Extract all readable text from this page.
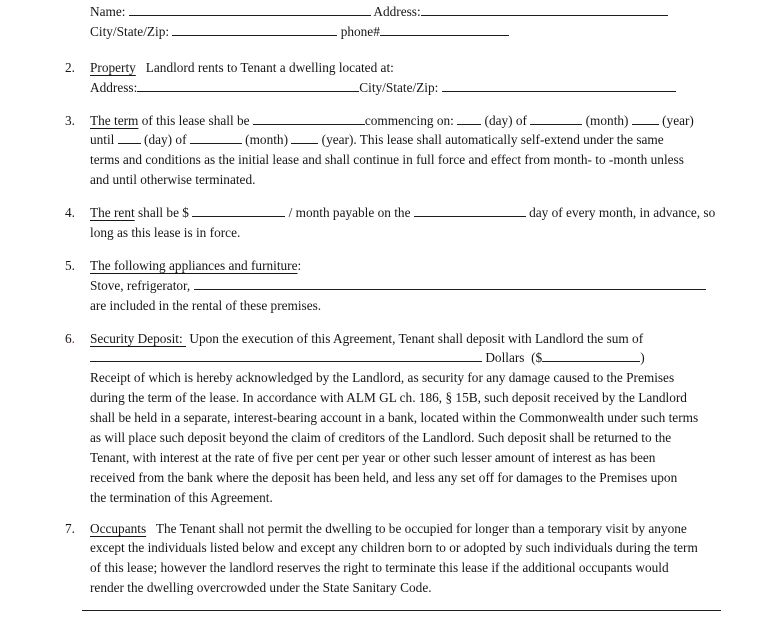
Name:	Address:
City/State/Zip:	phone#
2. Property   Landlord rents to Tenant a dwelling located at:
Address:	City/State/Zip:
3. The term of this lease shall be	commencing on:  (day) of	(month)  (year)
until  (day) of	(month)  (year). This lease shall automatically self-extend under the same
terms and conditions as the initial lease and shall continue in full force and effect from month- to -month unless
and until otherwise terminated.
4. The rent shall be $	/ month payable on the	day of every month, in advance, so
long as this lease is in force.
5. The following appliances and furniture:
Stove, refrigerator,
are included in the rental of these premises.
6. Security Deposit:  Upon the execution of this Agreement, Tenant shall deposit with Landlord the sum of
Dollars  ($	)
Receipt of which is hereby acknowledged by the Landlord, as security for any damage caused to the Premises
during the term of the lease. In accordance with ALM GL ch. 186, § 15B, such deposit received by the Landlord
shall be held in a separate, interest-bearing account in a bank, located within the Commonwealth under such terms
as will place such deposit beyond the claim of creditors of the Landlord. Such deposit shall be returned to the
Tenant, with interest at the rate of five per cent per year or other such lesser amount of interest as has been
received from the bank where the deposit has been held, and less any set off for damages to the Premises upon
the termination of this Agreement.
7. Occupants   The Tenant shall not permit the dwelling to be occupied for longer than a temporary visit by anyone
except the individuals listed below and except any children born to or adopted by such individuals during the term
of this lease; however the landlord reserves the right to terminate this lease if the additional occupants would
render the dwelling overcrowded under the State Sanitary Code.
